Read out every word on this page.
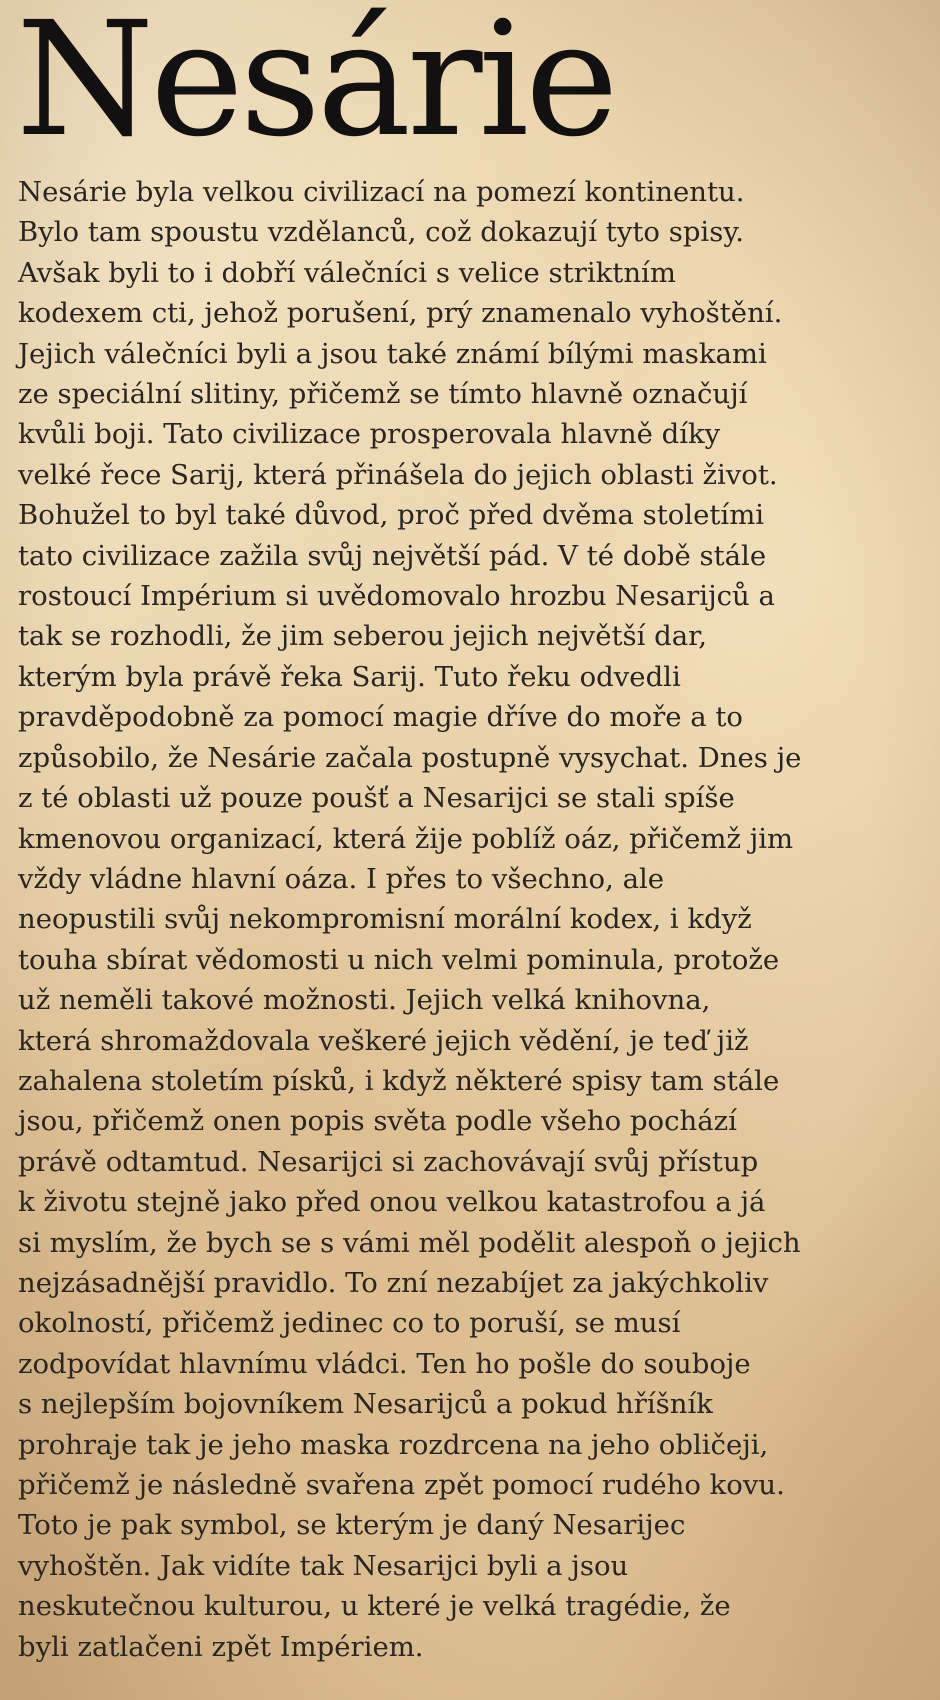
Nesárie
Nesárie byla velkou civilizací na pomezí kontinentu.
Bylo tam spoustu vzdělanců, což dokazují tyto spisy.
Avšak byli to i dobří válečníci s velice striktním
kodexem cti, jehož porušení, prý znamenalo vyhoštění.
Jejich válečníci byli a jsou také známí bílými maskami
ze speciální slitiny, přičemž se tímto hlavně označují
kvůli boji. Tato civilizace prosperovala hlavně díky
velké řece Sarij, která přinášela do jejich oblasti život.
Bohužel to byl také důvod, proč před dvěma stoletími
tato civilizace zažila svůj největší pád. V té době stále
rostoucí Impérium si uvědomovalo hrozbu Nesarijců a
tak se rozhodli, že jim seberou jejich největší dar,
kterým byla právě řeka Sarij. Tuto řeku odvedli
pravděpodobně za pomocí magie dříve do moře a to
způsobilo, že Nesárie začala postupně vysychat. Dnes je
z té oblasti už pouze poušť a Nesarijci se stali spíše
kmenovou organizací, která žije poblíž oáz, přičemž jim
vždy vládne hlavní oáza. I přes to všechno, ale
neopustili svůj nekompromisní morální kodex, i když
touha sbírat vědomosti u nich velmi pominula, protože
už neměli takové možnosti. Jejich velká knihovna,
která shromaždovala veškeré jejich vědění, je teď již
zahalena stoletím písků, i když některé spisy tam stále
jsou, přičemž onen popis světa podle všeho pochází
právě odtamtud. Nesarijci si zachovávají svůj přístup
k životu stejně jako před onou velkou katastrofou a já
si myslím, že bych se s vámi měl podělit alespoň o jejich
nejzásadnější pravidlo. To zní nezabíjet za jakýchkoliv
okolností, přičemž jedinec co to poruší, se musí
zodpovídat hlavnímu vládci. Ten ho pošle do souboje
s nejlepším bojovníkem Nesarijců a pokud hříšník
prohraje tak je jeho maska rozdrcena na jeho obličeji,
přičemž je následně svařena zpět pomocí rudého kovu.
Toto je pak symbol, se kterým je daný Nesarijec
vyhoštěn. Jak vidíte tak Nesarijci byli a jsou
neskutečnou kulturou, u které je velká tragédie, že
byli zatlačeni zpět Impériem.
